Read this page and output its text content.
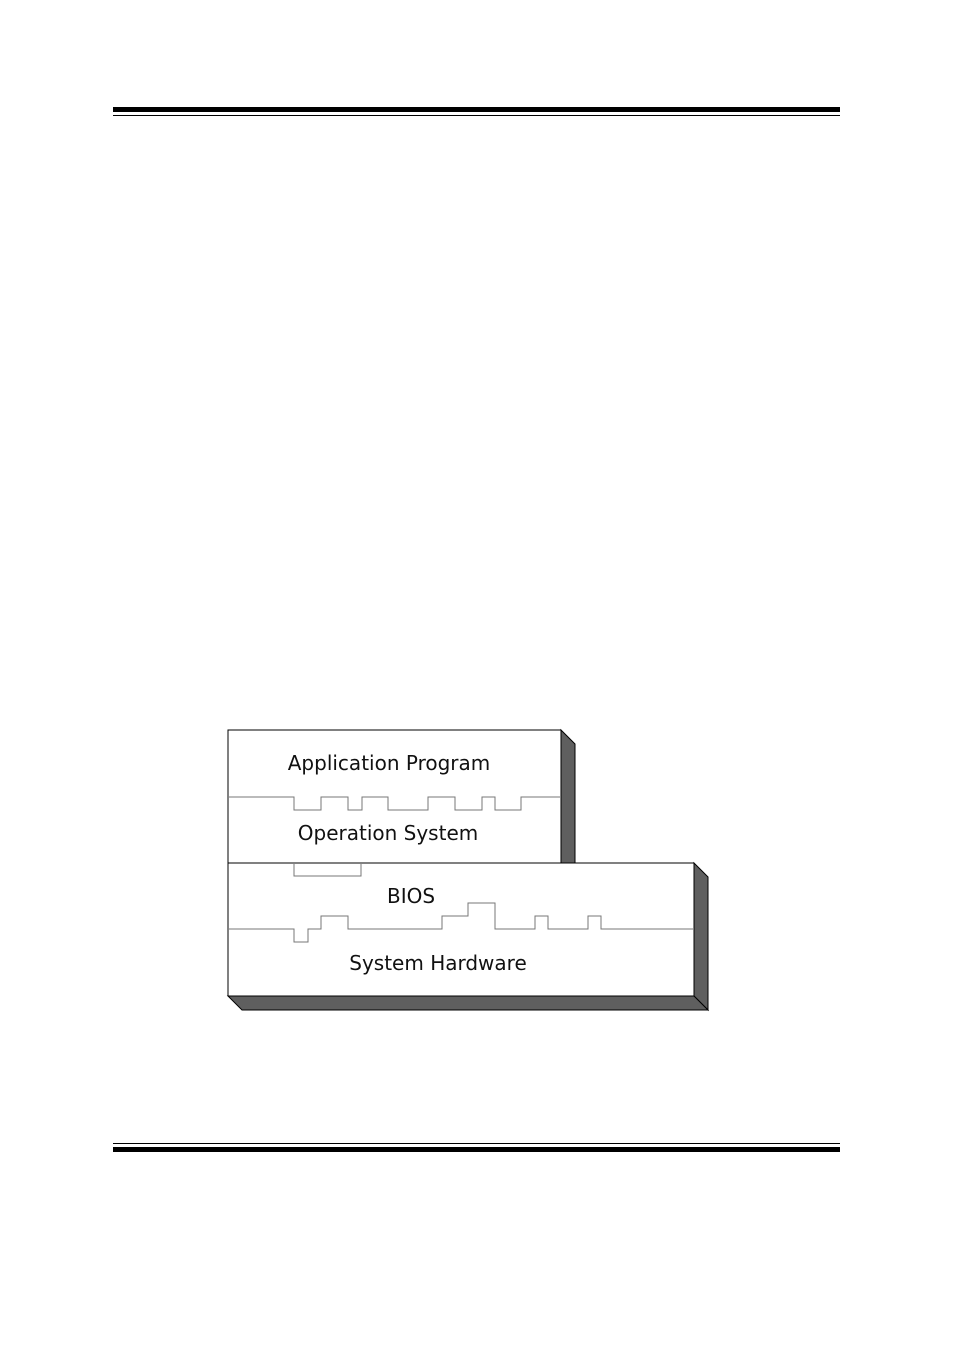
Application Program
Operation System
BIOS
System Hardware
